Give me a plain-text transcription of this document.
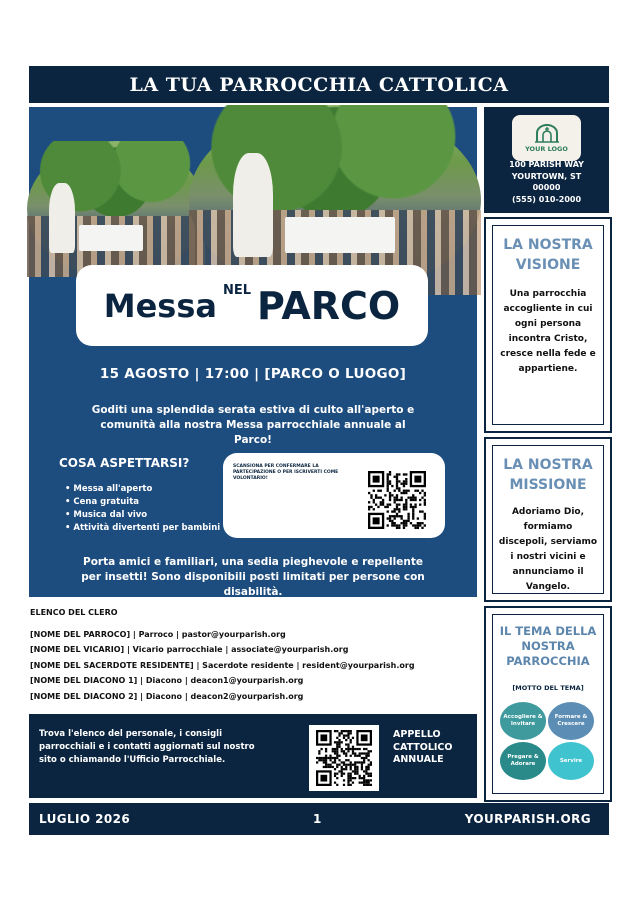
LA TUA PARROCCHIA CATTOLICA
Messa NEL PARCO
15 AGOSTO | 17:00 | [PARCO O LUOGO]
Goditi una splendida serata estiva di culto all'aperto e comunità alla nostra Messa parrocchiale annuale al Parco!
COSA ASPETTARSI?
• Messa all'aperto
• Cena gratuita
• Musica dal vivo
• Attività divertenti per bambini
SCANSIONA PER CONFERMARE LA PARTECIPAZIONE O PER ISCRIVERTI COME VOLONTARIO!
Porta amici e familiari, una sedia pieghevole e repellente per insetti! Sono disponibili posti limitati per persone con disabilità.
YOUR LOGO
100 PARISH WAY
YOURTOWN, ST
00000
(555) 010-2000
LA NOSTRA VISIONE
Una parrocchia accogliente in cui ogni persona incontra Cristo, cresce nella fede e appartiene.
LA NOSTRA MISSIONE
Adoriamo Dio, formiamo discepoli, serviamo i nostri vicini e annunciamo il Vangelo.
IL TEMA DELLA NOSTRA PARROCCHIA
[MOTTO DEL TEMA]
Accogliere & Invitare
Formare & Crescere
Pregare & Adorare
Servire
ELENCO DEL CLERO
[NOME DEL PARROCO] | Parroco | pastor@yourparish.org
[NOME DEL VICARIO] | Vicario parrocchiale | associate@yourparish.org
[NOME DEL SACERDOTE RESIDENTE] | Sacerdote residente | resident@yourparish.org
[NOME DEL DIACONO 1] | Diacono | deacon1@yourparish.org
[NOME DEL DIACONO 2] | Diacono | deacon2@yourparish.org
Trova l'elenco del personale, i consigli parrocchiali e i contatti aggiornati sul nostro sito o chiamando l'Ufficio Parrocchiale.
APPELLO CATTOLICO ANNUALE
LUGLIO 2026	1	YOURPARISH.ORG
